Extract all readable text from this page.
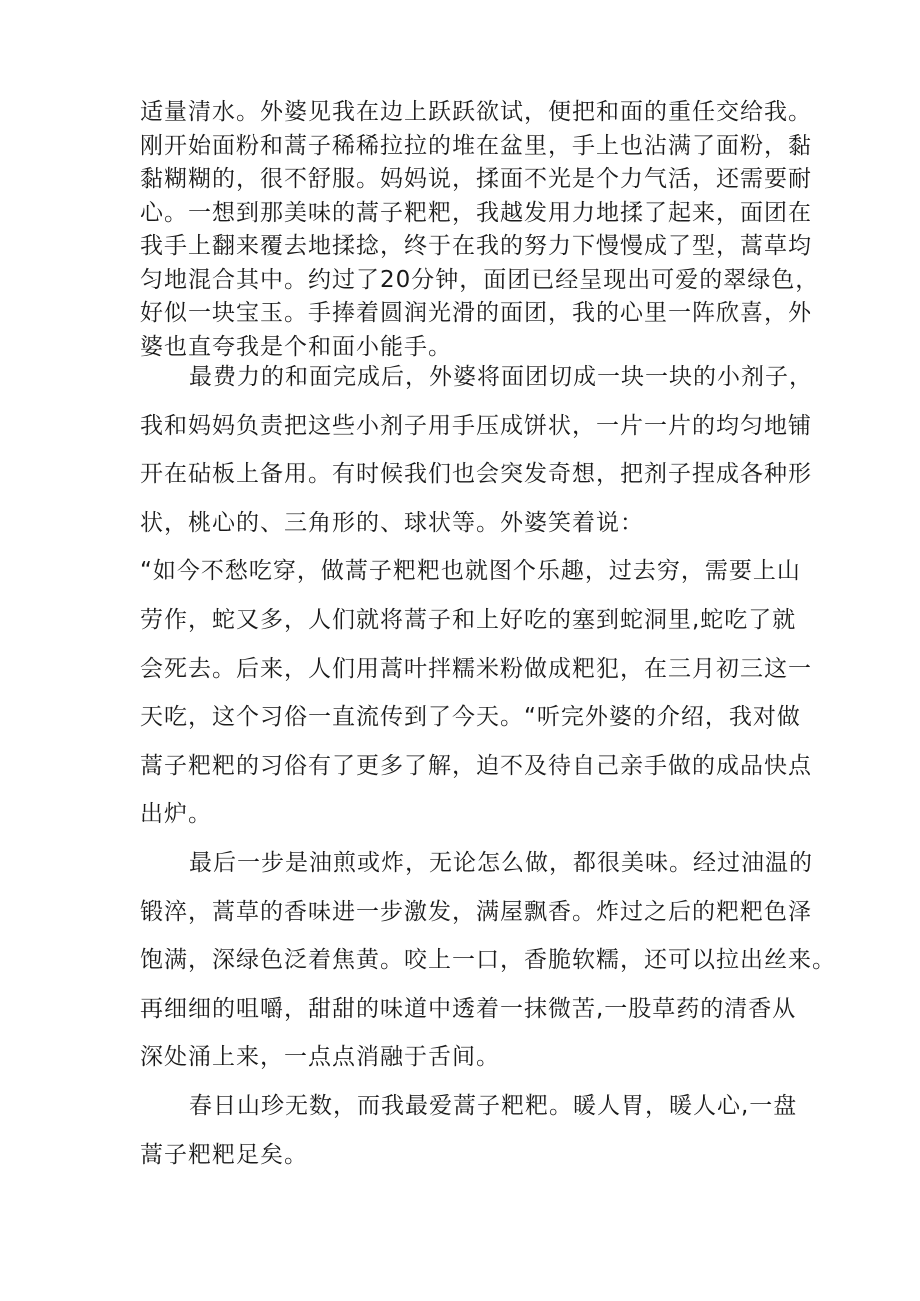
适量清水。外婆见我在边上跃跃欲试，便把和面的重任交给我。
刚开始面粉和蒿子稀稀拉拉的堆在盆里，手上也沾满了面粉，黏
黏糊糊的，很不舒服。妈妈说，揉面不光是个力气活，还需要耐
心。一想到那美味的蒿子粑粑，我越发用力地揉了起来，面团在
我手上翻来覆去地揉捻，终于在我的努力下慢慢成了型，蒿草均
匀地混合其中。约过了20分钟，面团已经呈现出可爱的翠绿色，
好似一块宝玉。手捧着圆润光滑的面团，我的心里一阵欣喜，外
婆也直夸我是个和面小能手。
最费力的和面完成后，外婆将面团切成一块一块的小剂子，
我和妈妈负责把这些小剂子用手压成饼状，一片一片的均匀地铺
开在砧板上备用。有时候我们也会突发奇想，把剂子捏成各种形
状，桃心的、三角形的、球状等。外婆笑着说：
“如今不愁吃穿，做蒿子粑粑也就图个乐趣，过去穷，需要上山
劳作，蛇又多，人们就将蒿子和上好吃的塞到蛇洞里,蛇吃了就
会死去。后来，人们用蒿叶拌糯米粉做成粑犯，在三月初三这一
天吃，这个习俗一直流传到了今天。“听完外婆的介绍，我对做
蒿子粑粑的习俗有了更多了解，迫不及待自己亲手做的成品快点
出炉。
最后一步是油煎或炸，无论怎么做，都很美味。经过油温的
锻淬，蒿草的香味进一步激发，满屋飘香。炸过之后的粑粑色泽
饱满，深绿色泛着焦黄。咬上一口，香脆软糯，还可以拉出丝来。
再细细的咀嚼，甜甜的味道中透着一抹微苦,一股草药的清香从
深处涌上来，一点点消融于舌间。
春日山珍无数，而我最爱蒿子粑粑。暖人胃，暖人心,一盘
蒿子粑粑足矣。
